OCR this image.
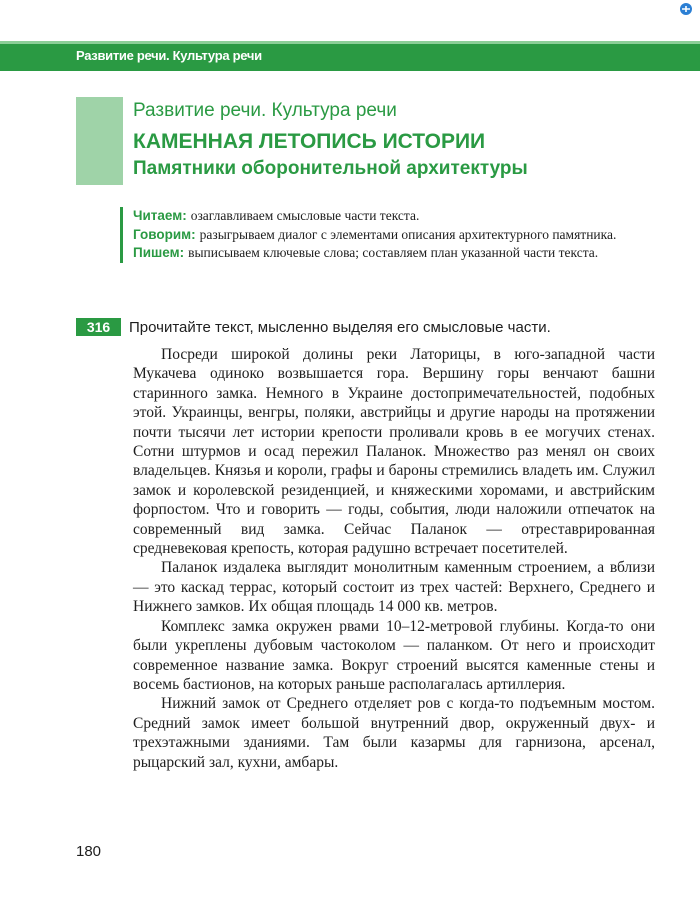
Развитие речи. Культура речи
Развитие речи. Культура речи
КАМЕННАЯ ЛЕТОПИСЬ ИСТОРИИ
Памятники оборонительной архитектуры
Читаем: озаглавливаем смысловые части текста.
Говорим: разыгрываем диалог с элементами описания архитектурного памятника.
Пишем: выписываем ключевые слова; составляем план указанной части текста.
316	Прочитайте текст, мысленно выделяя его смысловые части.

Посреди широкой долины реки Латорицы, в юго-западной части Мукачева одиноко возвышается гора. Вершину горы венчают башни старинного замка. Немного в Украине достопримечательностей, подобных этой. Украинцы, венгры, поляки, австрийцы и другие народы на протяжении почти тысячи лет истории крепости проливали кровь в ее могучих стенах. Сотни штурмов и осад пережил Паланок. Множество раз менял он своих владельцев. Князья и короли, графы и бароны стремились владеть им. Служил замок и королевской резиденцией, и княжескими хоромами, и австрийским форпостом. Что и говорить — годы, события, люди наложили отпечаток на современный вид замка. Сейчас Паланок — отреставрированная средневековая крепость, которая радушно встречает посетителей.

Паланок издалека выглядит монолитным каменным строением, а вблизи — это каскад террас, который состоит из трех частей: Верхнего, Среднего и Нижнего замков. Их общая площадь 14 000 кв. метров.

Комплекс замка окружен рвами 10–12-метровой глубины. Когда-то они были укреплены дубовым частоколом — паланком. От него и происходит современное название замка. Вокруг строений высятся каменные стены и восемь бастионов, на которых раньше располагалась артиллерия.

Нижний замок от Среднего отделяет ров с когда-то подъемным мостом. Средний замок имеет большой внутренний двор, окруженный двух- и трехэтажными зданиями. Там были казармы для гарнизона, арсенал, рыцарский зал, кухни, амбары.

180
